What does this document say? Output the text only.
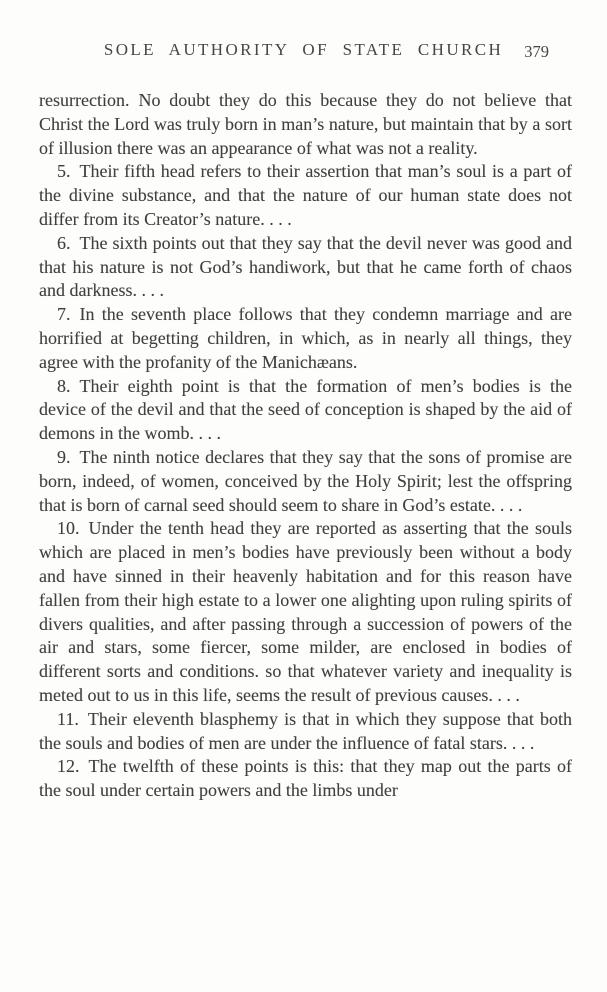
SOLE AUTHORITY OF STATE CHURCH 379

resurrection. No doubt they do this because they do not believe that Christ the Lord was truly born in man’s nature, but maintain that by a sort of illusion there was an appearance of what was not a reality.

5. Their fifth head refers to their assertion that man’s soul is a part of the divine substance, and that the nature of our human state does not differ from its Creator’s nature. . . .

6. The sixth points out that they say that the devil never was good and that his nature is not God’s handiwork, but that he came forth of chaos and darkness. . . .

7. In the seventh place follows that they condemn marriage and are horrified at begetting children, in which, as in nearly all things, they agree with the profanity of the Manichæans.

8. Their eighth point is that the formation of men’s bodies is the device of the devil and that the seed of conception is shaped by the aid of demons in the womb. . . .

9. The ninth notice declares that they say that the sons of promise are born, indeed, of women, conceived by the Holy Spirit; lest the offspring that is born of carnal seed should seem to share in God’s estate. . . .

10. Under the tenth head they are reported as asserting that the souls which are placed in men’s bodies have previously been without a body and have sinned in their heavenly habitation and for this reason have fallen from their high estate to a lower one alighting upon ruling spirits of divers qualities, and after passing through a succession of powers of the air and stars, some fiercer, some milder, are enclosed in bodies of different sorts and conditions. so that whatever variety and inequality is meted out to us in this life, seems the result of previous causes. . . .

11. Their eleventh blasphemy is that in which they suppose that both the souls and bodies of men are under the influence of fatal stars. . . .

12. The twelfth of these points is this: that they map out the parts of the soul under certain powers and the limbs under
